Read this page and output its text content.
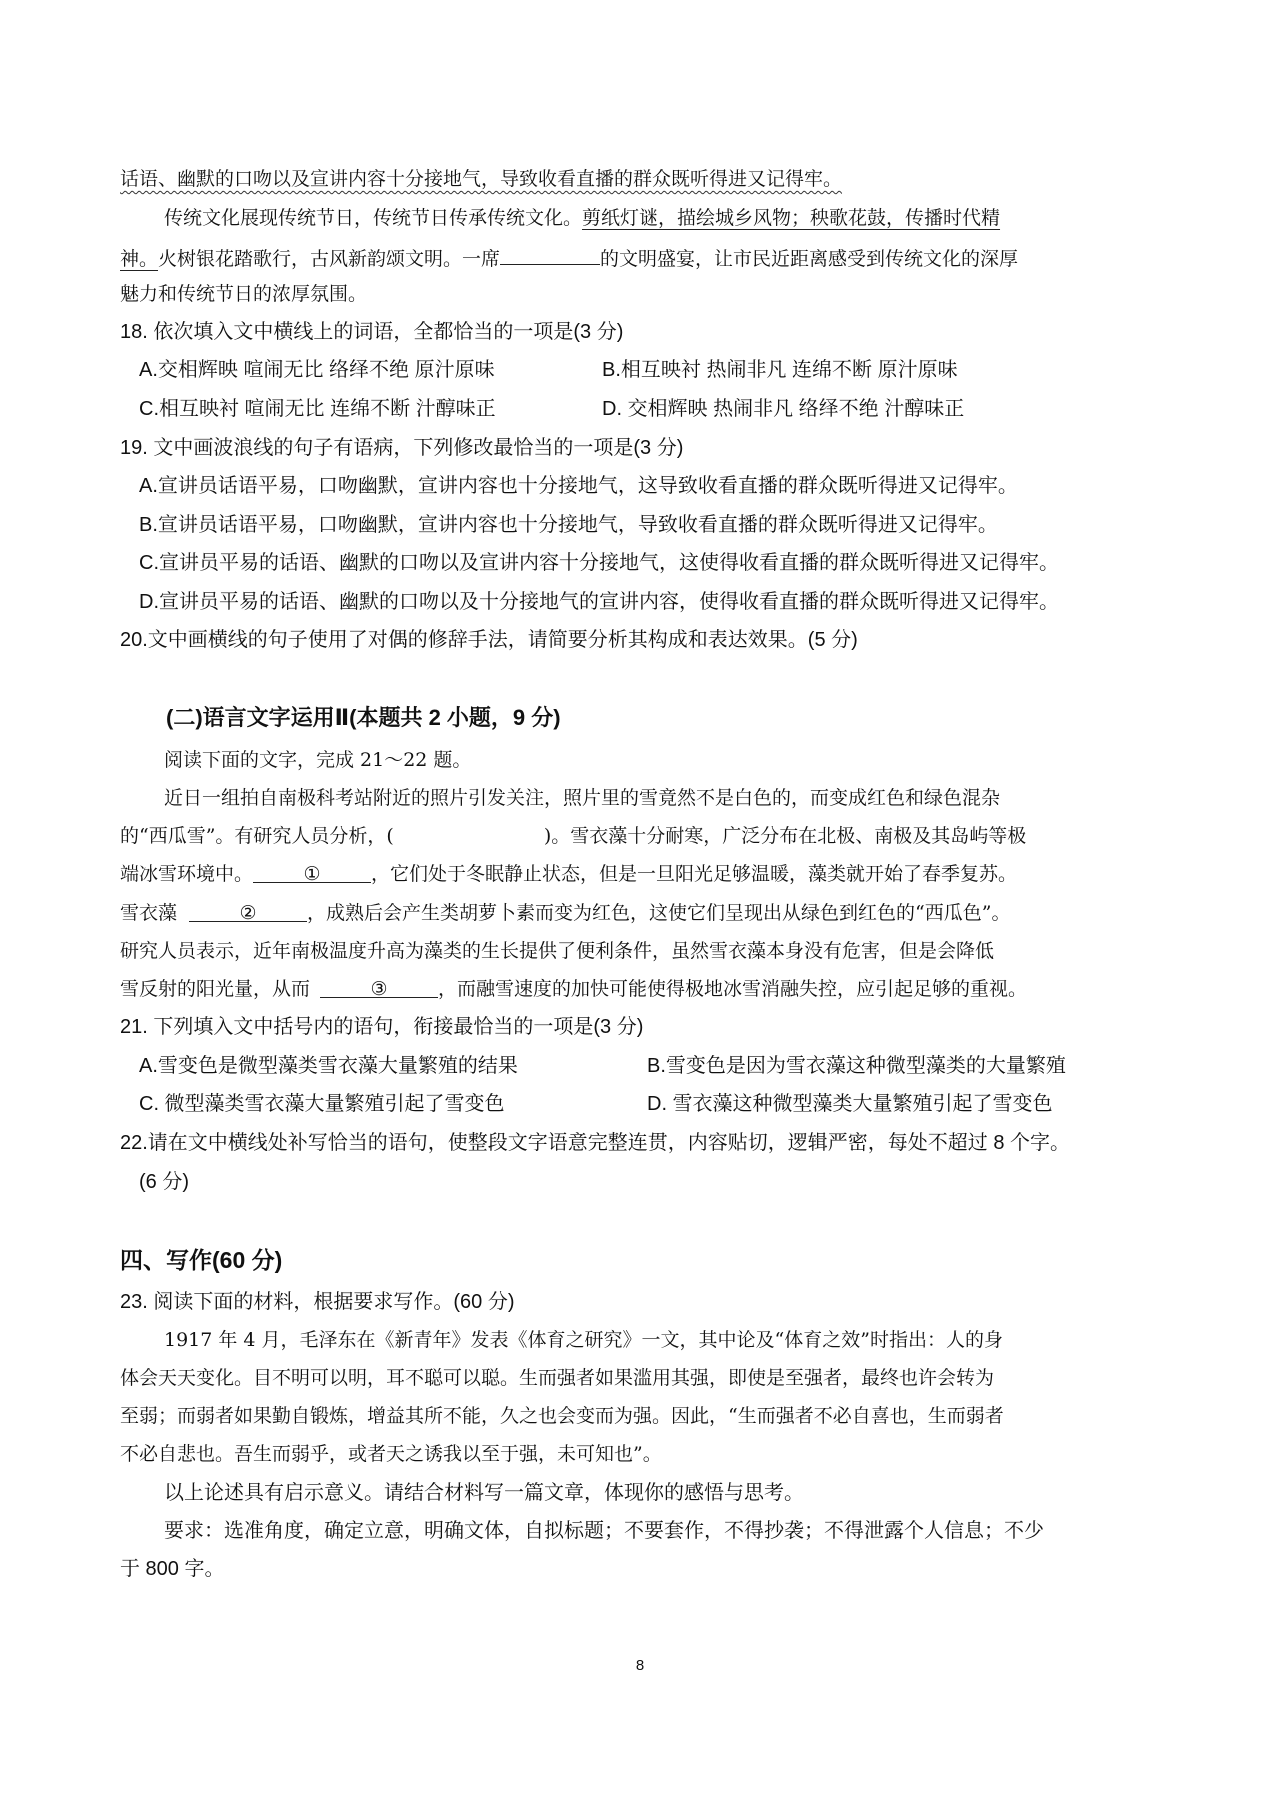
话语、幽默的口吻以及宣讲内容十分接地气，导致收看直播的群众既听得进又记得牢。
传统文化展现传统节日，传统节日传承传统文化。剪纸灯谜，描绘城乡风物；秧歌花鼓，传播时代精
神。火树银花踏歌行，古风新韵颂文明。一席	的文明盛宴，让市民近距离感受到传统文化的深厚
魅力和传统节日的浓厚氛围。
18. 依次填入文中横线上的词语，全都恰当的一项是(3 分)
A.交相辉映 喧闹无比 络绎不绝 原汁原味	B.相互映衬 热闹非凡 连绵不断 原汁原味
C.相互映衬 喧闹无比 连绵不断 汁醇味正	D. 交相辉映 热闹非凡 络绎不绝 汁醇味正
19. 文中画波浪线的句子有语病，下列修改最恰当的一项是(3 分)
A.宣讲员话语平易，口吻幽默，宣讲内容也十分接地气，这导致收看直播的群众既听得进又记得牢。
B.宣讲员话语平易，口吻幽默，宣讲内容也十分接地气，导致收看直播的群众既听得进又记得牢。
C.宣讲员平易的话语、幽默的口吻以及宣讲内容十分接地气，这使得收看直播的群众既听得进又记得牢。
D.宣讲员平易的话语、幽默的口吻以及十分接地气的宣讲内容，使得收看直播的群众既听得进又记得牢。
20.文中画横线的句子使用了对偶的修辞手法，请简要分析其构成和表达效果。(5 分)
(二)语言文字运用Ⅱ(本题共 2 小题，9 分)
阅读下面的文字，完成 21～22 题。
近日一组拍自南极科考站附近的照片引发关注，照片里的雪竟然不是白色的，而变成红色和绿色混杂
的“西瓜雪”。有研究人员分析，(	)。雪衣藻十分耐寒，广泛分布在北极、南极及其岛屿等极
端冰雪环境中。	①	，它们处于冬眠静止状态，但是一旦阳光足够温暖，藻类就开始了春季复苏。
雪衣藻	②	，成熟后会产生类胡萝卜素而变为红色，这使它们呈现出从绿色到红色的“西瓜色”。
研究人员表示，近年南极温度升高为藻类的生长提供了便利条件，虽然雪衣藻本身没有危害，但是会降低
雪反射的阳光量，从而	③	，而融雪速度的加快可能使得极地冰雪消融失控，应引起足够的重视。
21. 下列填入文中括号内的语句，衔接最恰当的一项是(3 分)
A.雪变色是微型藻类雪衣藻大量繁殖的结果	B.雪变色是因为雪衣藻这种微型藻类的大量繁殖
C. 微型藻类雪衣藻大量繁殖引起了雪变色	D. 雪衣藻这种微型藻类大量繁殖引起了雪变色
22.请在文中横线处补写恰当的语句，使整段文字语意完整连贯，内容贴切，逻辑严密，每处不超过 8 个字。
(6 分)
四、写作(60 分)
23. 阅读下面的材料，根据要求写作。(60 分)
1917 年 4 月，毛泽东在《新青年》发表《体育之研究》一文，其中论及“体育之效”时指出：人的身
体会天天变化。目不明可以明，耳不聪可以聪。生而强者如果滥用其强，即使是至强者，最终也许会转为
至弱；而弱者如果勤自锻炼，增益其所不能，久之也会变而为强。因此，“生而强者不必自喜也，生而弱者
不必自悲也。吾生而弱乎，或者天之诱我以至于强，未可知也”。
以上论述具有启示意义。请结合材料写一篇文章，体现你的感悟与思考。
要求：选准角度，确定立意，明确文体，自拟标题；不要套作，不得抄袭；不得泄露个人信息；不少
于 800 字。
8
